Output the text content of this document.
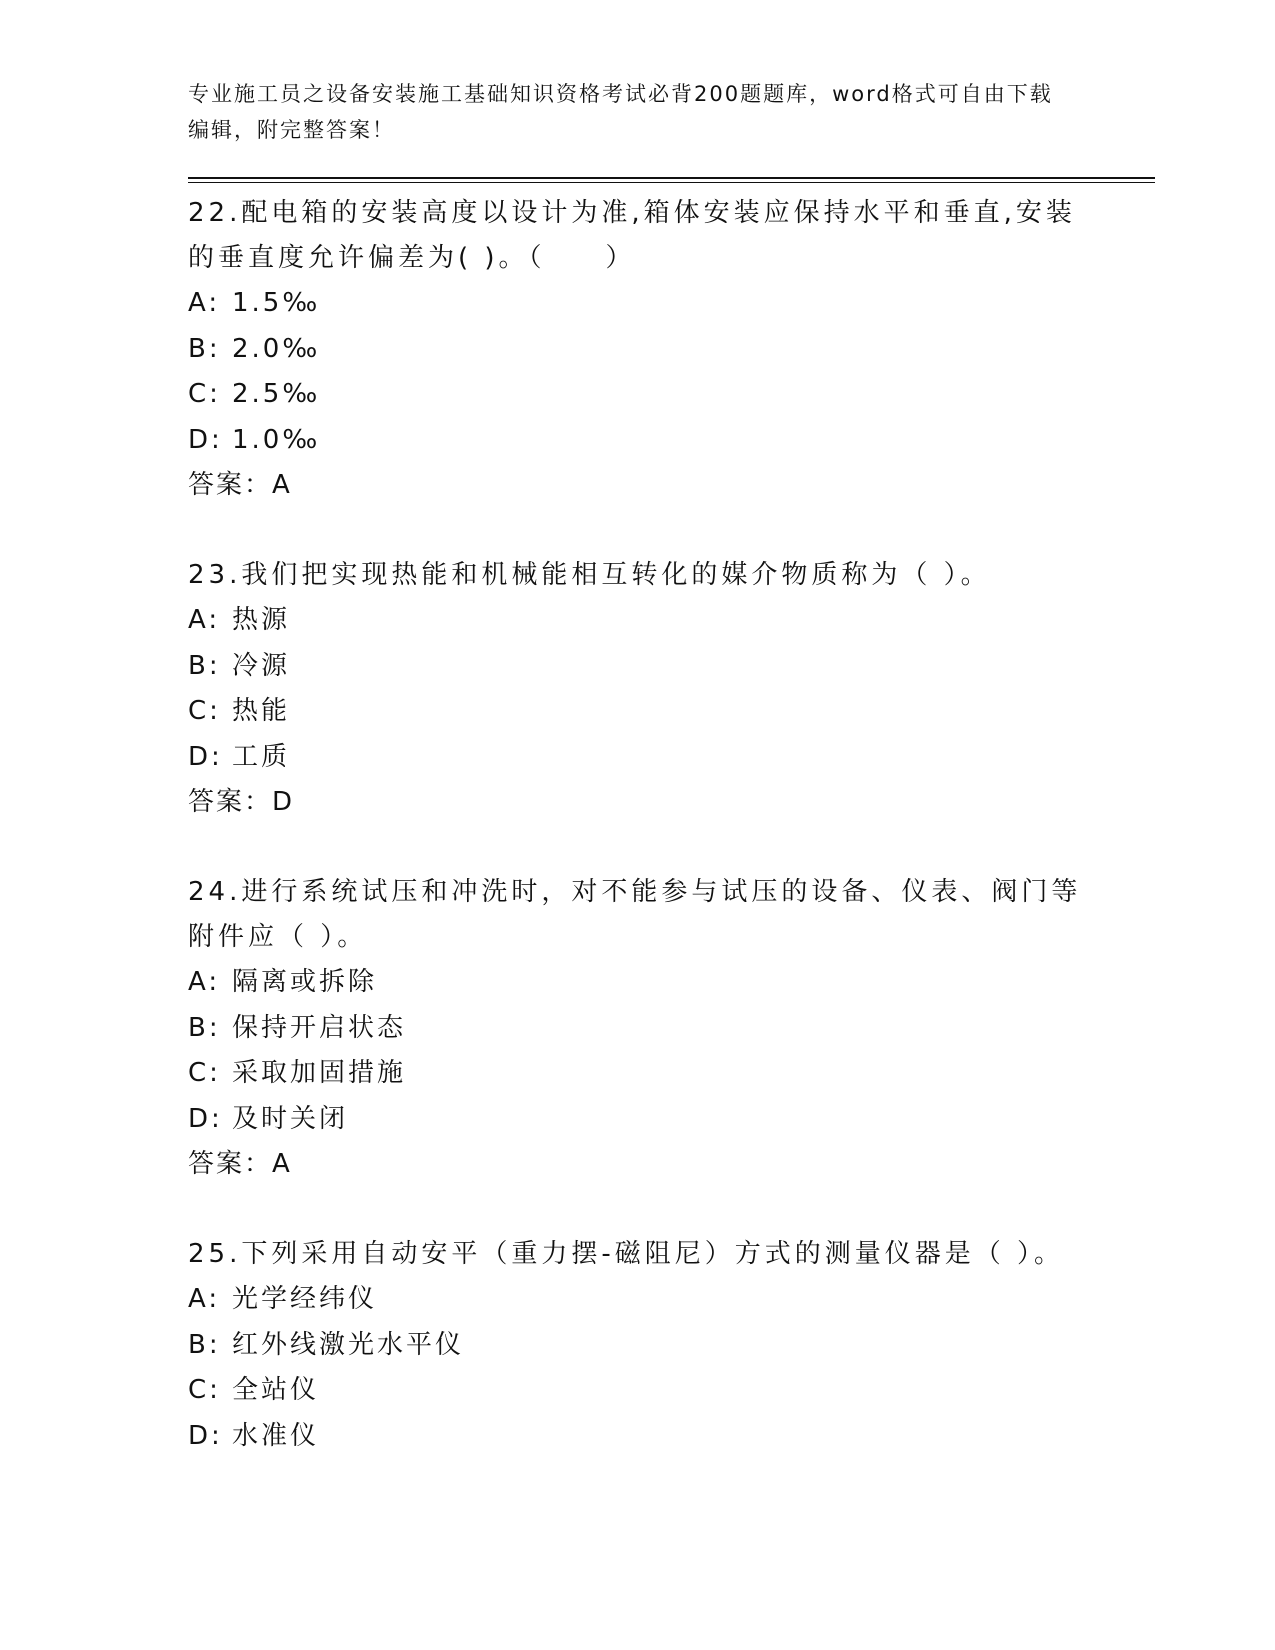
专业施工员之设备安装施工基础知识资格考试必背200题题库，word格式可自由下载编辑，附完整答案！

22.配电箱的安装高度以设计为准,箱体安装应保持水平和垂直,安装的垂直度允许偏差为( )。（　　）

A: 1.5‰

B: 2.0‰

C: 2.5‰

D: 1.0‰

答案：A

23.我们把实现热能和机械能相互转化的媒介物质称为（ ）。

A: 热源

B: 冷源

C: 热能

D: 工质

答案：D

24.进行系统试压和冲洗时，对不能参与试压的设备、仪表、阀门等附件应（ ）。

A: 隔离或拆除

B: 保持开启状态

C: 采取加固措施

D: 及时关闭

答案：A

25.下列采用自动安平（重力摆-磁阻尼）方式的测量仪器是（ ）。

A: 光学经纬仪

B: 红外线激光水平仪

C: 全站仪

D: 水准仪
